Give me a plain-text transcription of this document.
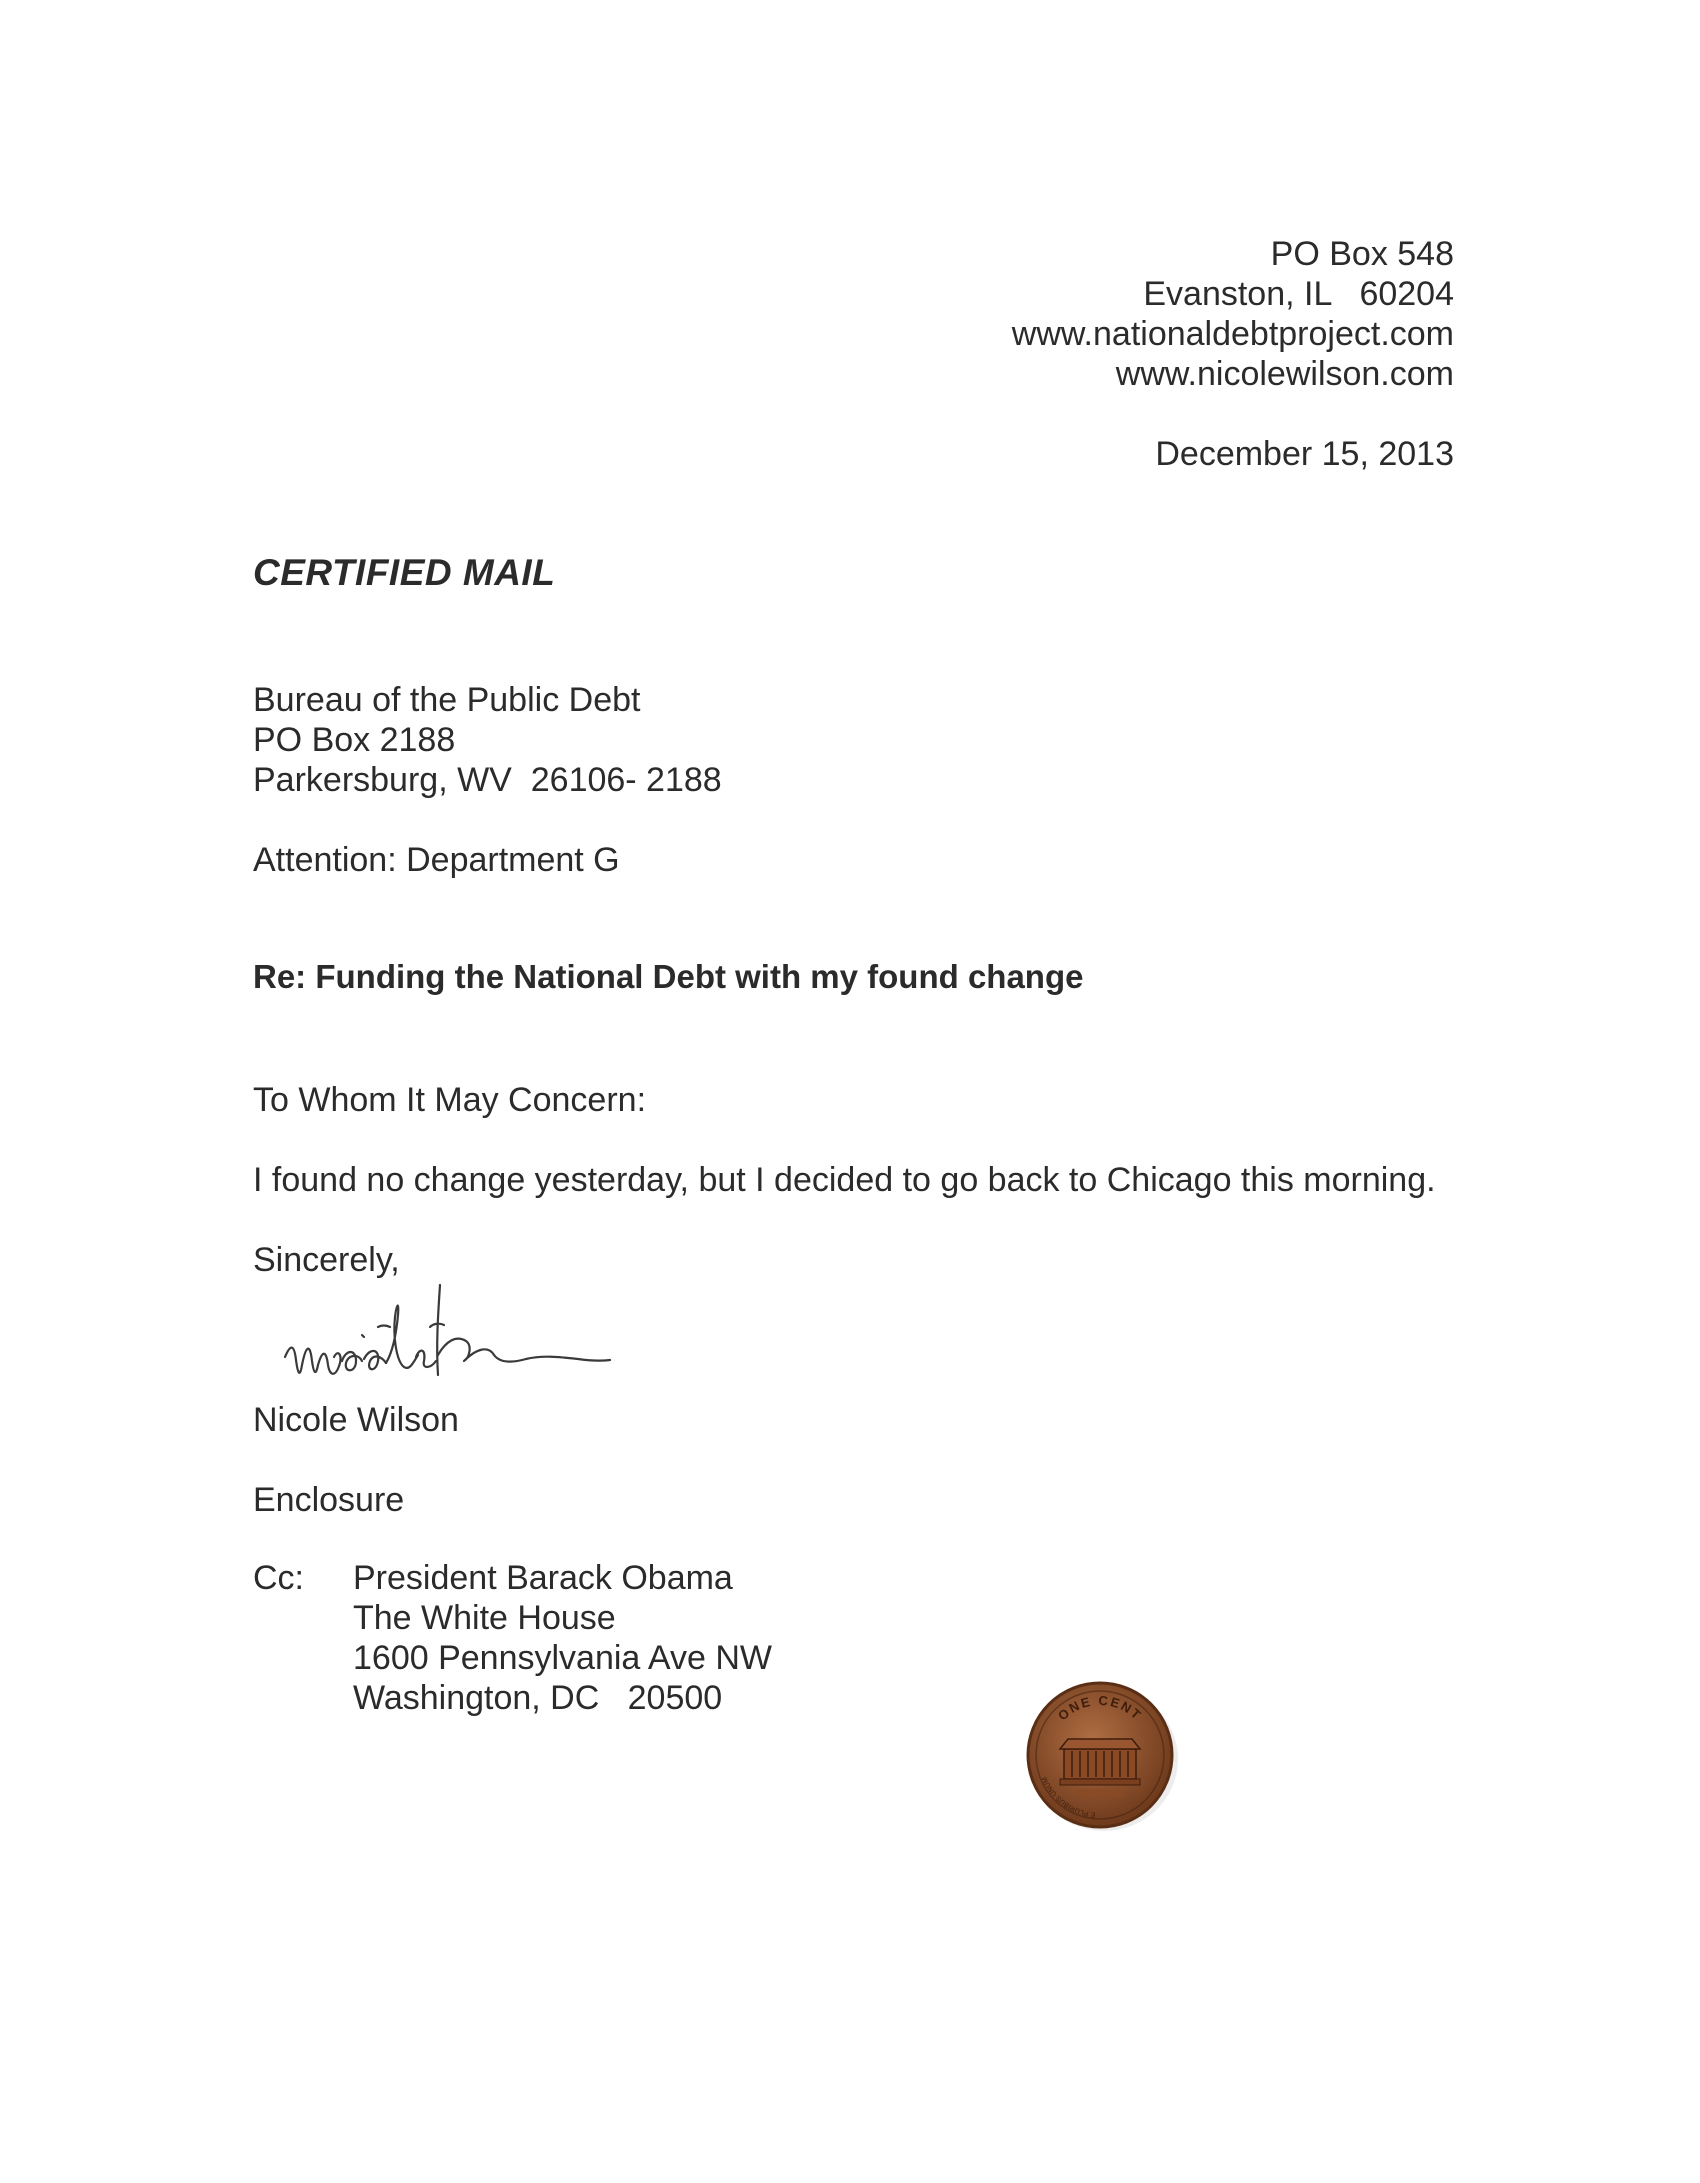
PO Box 548
Evanston, IL   60204
www.nationaldebtproject.com
www.nicolewilson.com
December 15, 2013
CERTIFIED MAIL
Bureau of the Public Debt
PO Box 2188
Parkersburg, WV  26106- 2188
Attention: Department G
Re: Funding the National Debt with my found change
To Whom It May Concern:
I found no change yesterday, but I decided to go back to Chicago this morning.
Sincerely,
Nicole Wilson
Enclosure
Cc: President Barack Obama
The White House
1600 Pennsylvania Ave NW
Washington, DC   20500	ONE CENT
E PLURIBUS UNUM
